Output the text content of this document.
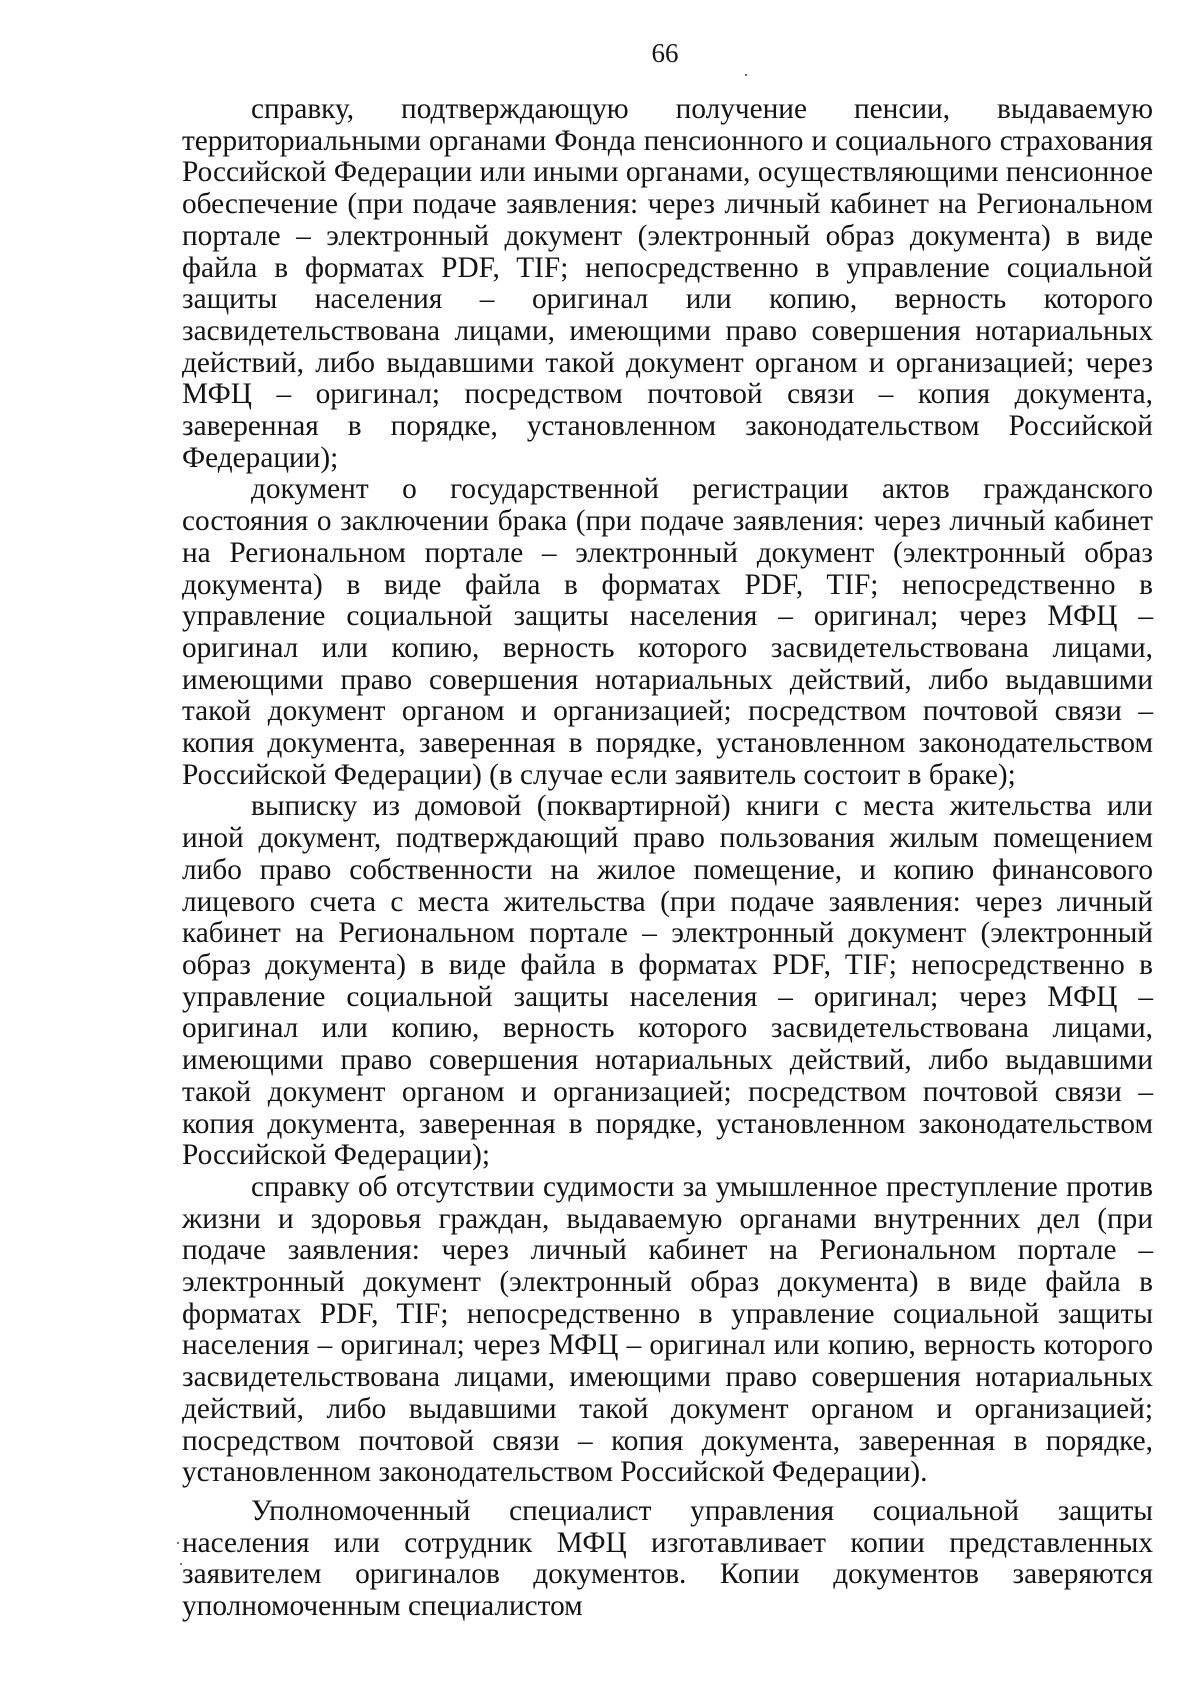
66

справку, подтверждающую получение пенсии, выдаваемую территориальными органами Фонда пенсионного и социального страхования Российской Федерации или иными органами, осуществляющими пенсионное обеспечение (при подаче заявления: через личный кабинет на Региональном портале – электронный документ (электронный образ документа) в виде файла в форматах PDF, TIF; непосредственно в управление социальной защиты населения – оригинал или копию, верность которого засвидетельствована лицами, имеющими право совершения нотариальных действий, либо выдавшими такой документ органом и организацией; через МФЦ – оригинал; посредством почтовой связи – копия документа, заверенная в порядке, установленном законодательством Российской Федерации);

документ о государственной регистрации актов гражданского состояния о заключении брака (при подаче заявления: через личный кабинет на Региональном портале – электронный документ (электронный образ документа) в виде файла в форматах PDF, TIF; непосредственно в управление социальной защиты населения – оригинал; через МФЦ – оригинал или копию, верность которого засвидетельствована лицами, имеющими право совершения нотариальных действий, либо выдавшими такой документ органом и организацией; посредством почтовой связи – копия документа, заверенная в порядке, установленном законодательством Российской Федерации) (в случае если заявитель состоит в браке);

выписку из домовой (поквартирной) книги с места жительства или иной документ, подтверждающий право пользования жилым помещением либо право собственности на жилое помещение, и копию финансового лицевого счета с места жительства (при подаче заявления: через личный кабинет на Региональном портале – электронный документ (электронный образ документа) в виде файла в форматах PDF, TIF; непосредственно в управление социальной защиты населения – оригинал; через МФЦ – оригинал или копию, верность которого засвидетельствована лицами, имеющими право совершения нотариальных действий, либо выдавшими такой документ органом и организацией; посредством почтовой связи – копия документа, заверенная в порядке, установленном законодательством Российской Федерации);

справку об отсутствии судимости за умышленное преступление против жизни и здоровья граждан, выдаваемую органами внутренних дел (при подаче заявления: через личный кабинет на Региональном портале – электронный документ (электронный образ документа) в виде файла в форматах PDF, TIF; непосредственно в управление социальной защиты населения – оригинал; через МФЦ – оригинал или копию, верность которого засвидетельствована лицами, имеющими право совершения нотариальных действий, либо выдавшими такой документ органом и организацией; посредством почтовой связи – копия документа, заверенная в порядке, установленном законодательством Российской Федерации).

Уполномоченный специалист управления социальной защиты населения или сотрудник МФЦ изготавливает копии представленных заявителем оригиналов документов. Копии документов заверяются уполномоченным специалистом
